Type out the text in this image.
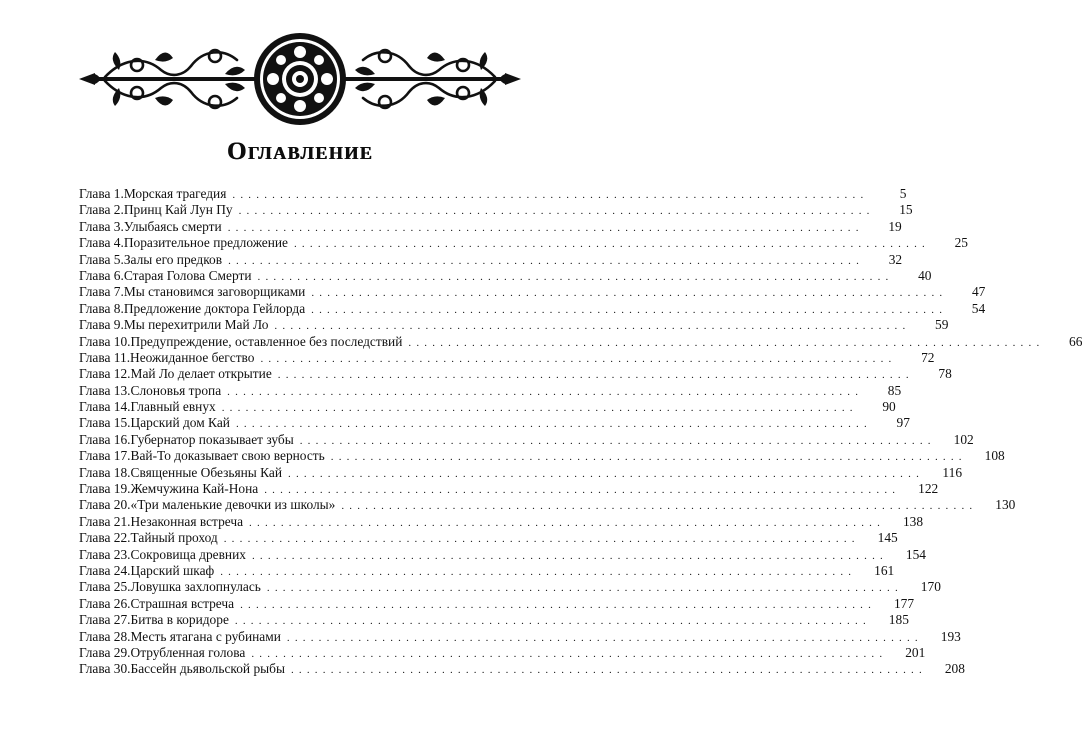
Оглавление
Глава 1. Морская трагедия ................................................................................	5
Глава 2. Принц Кай Лун Пу ................................................................................	15
Глава 3. Улыбаясь смерти ................................................................................	19
Глава 4. Поразительное предложение ................................................................................	25
Глава 5. Залы его предков ................................................................................	32
Глава 6. Старая Голова Смерти ................................................................................	40
Глава 7. Мы становимся заговорщиками ................................................................................	47
Глава 8. Предложение доктора Гейлорда ................................................................................	54
Глава 9. Мы перехитрили Май Ло ................................................................................	59
Глава 10. Предупреждение, оставленное без последствий ................................................................................	66
Глава 11. Неожиданное бегство ................................................................................	72
Глава 12. Май Ло делает открытие ................................................................................	78
Глава 13. Слоновья тропа ................................................................................	85
Глава 14. Главный евнух ................................................................................	90
Глава 15. Царский дом Кай ................................................................................	97
Глава 16. Губернатор показывает зубы ................................................................................	102
Глава 17. Вай-То доказывает свою верность ................................................................................	108
Глава 18. Священные Обезьяны Кай ................................................................................	116
Глава 19. Жемчужина Кай-Нона ................................................................................	122
Глава 20. «Три маленькие девочки из школы» ................................................................................	130
Глава 21. Незаконная встреча ................................................................................	138
Глава 22. Тайный проход ................................................................................	145
Глава 23. Сокровища древних ................................................................................	154
Глава 24. Царский шкаф ................................................................................	161
Глава 25. Ловушка захлопнулась ................................................................................	170
Глава 26. Страшная встреча ................................................................................	177
Глава 27. Битва в коридоре ................................................................................	185
Глава 28. Месть ятагана с рубинами ................................................................................	193
Глава 29. Отрубленная голова ................................................................................	201
Глава 30. Бассейн дьявольской рыбы ................................................................................	208
